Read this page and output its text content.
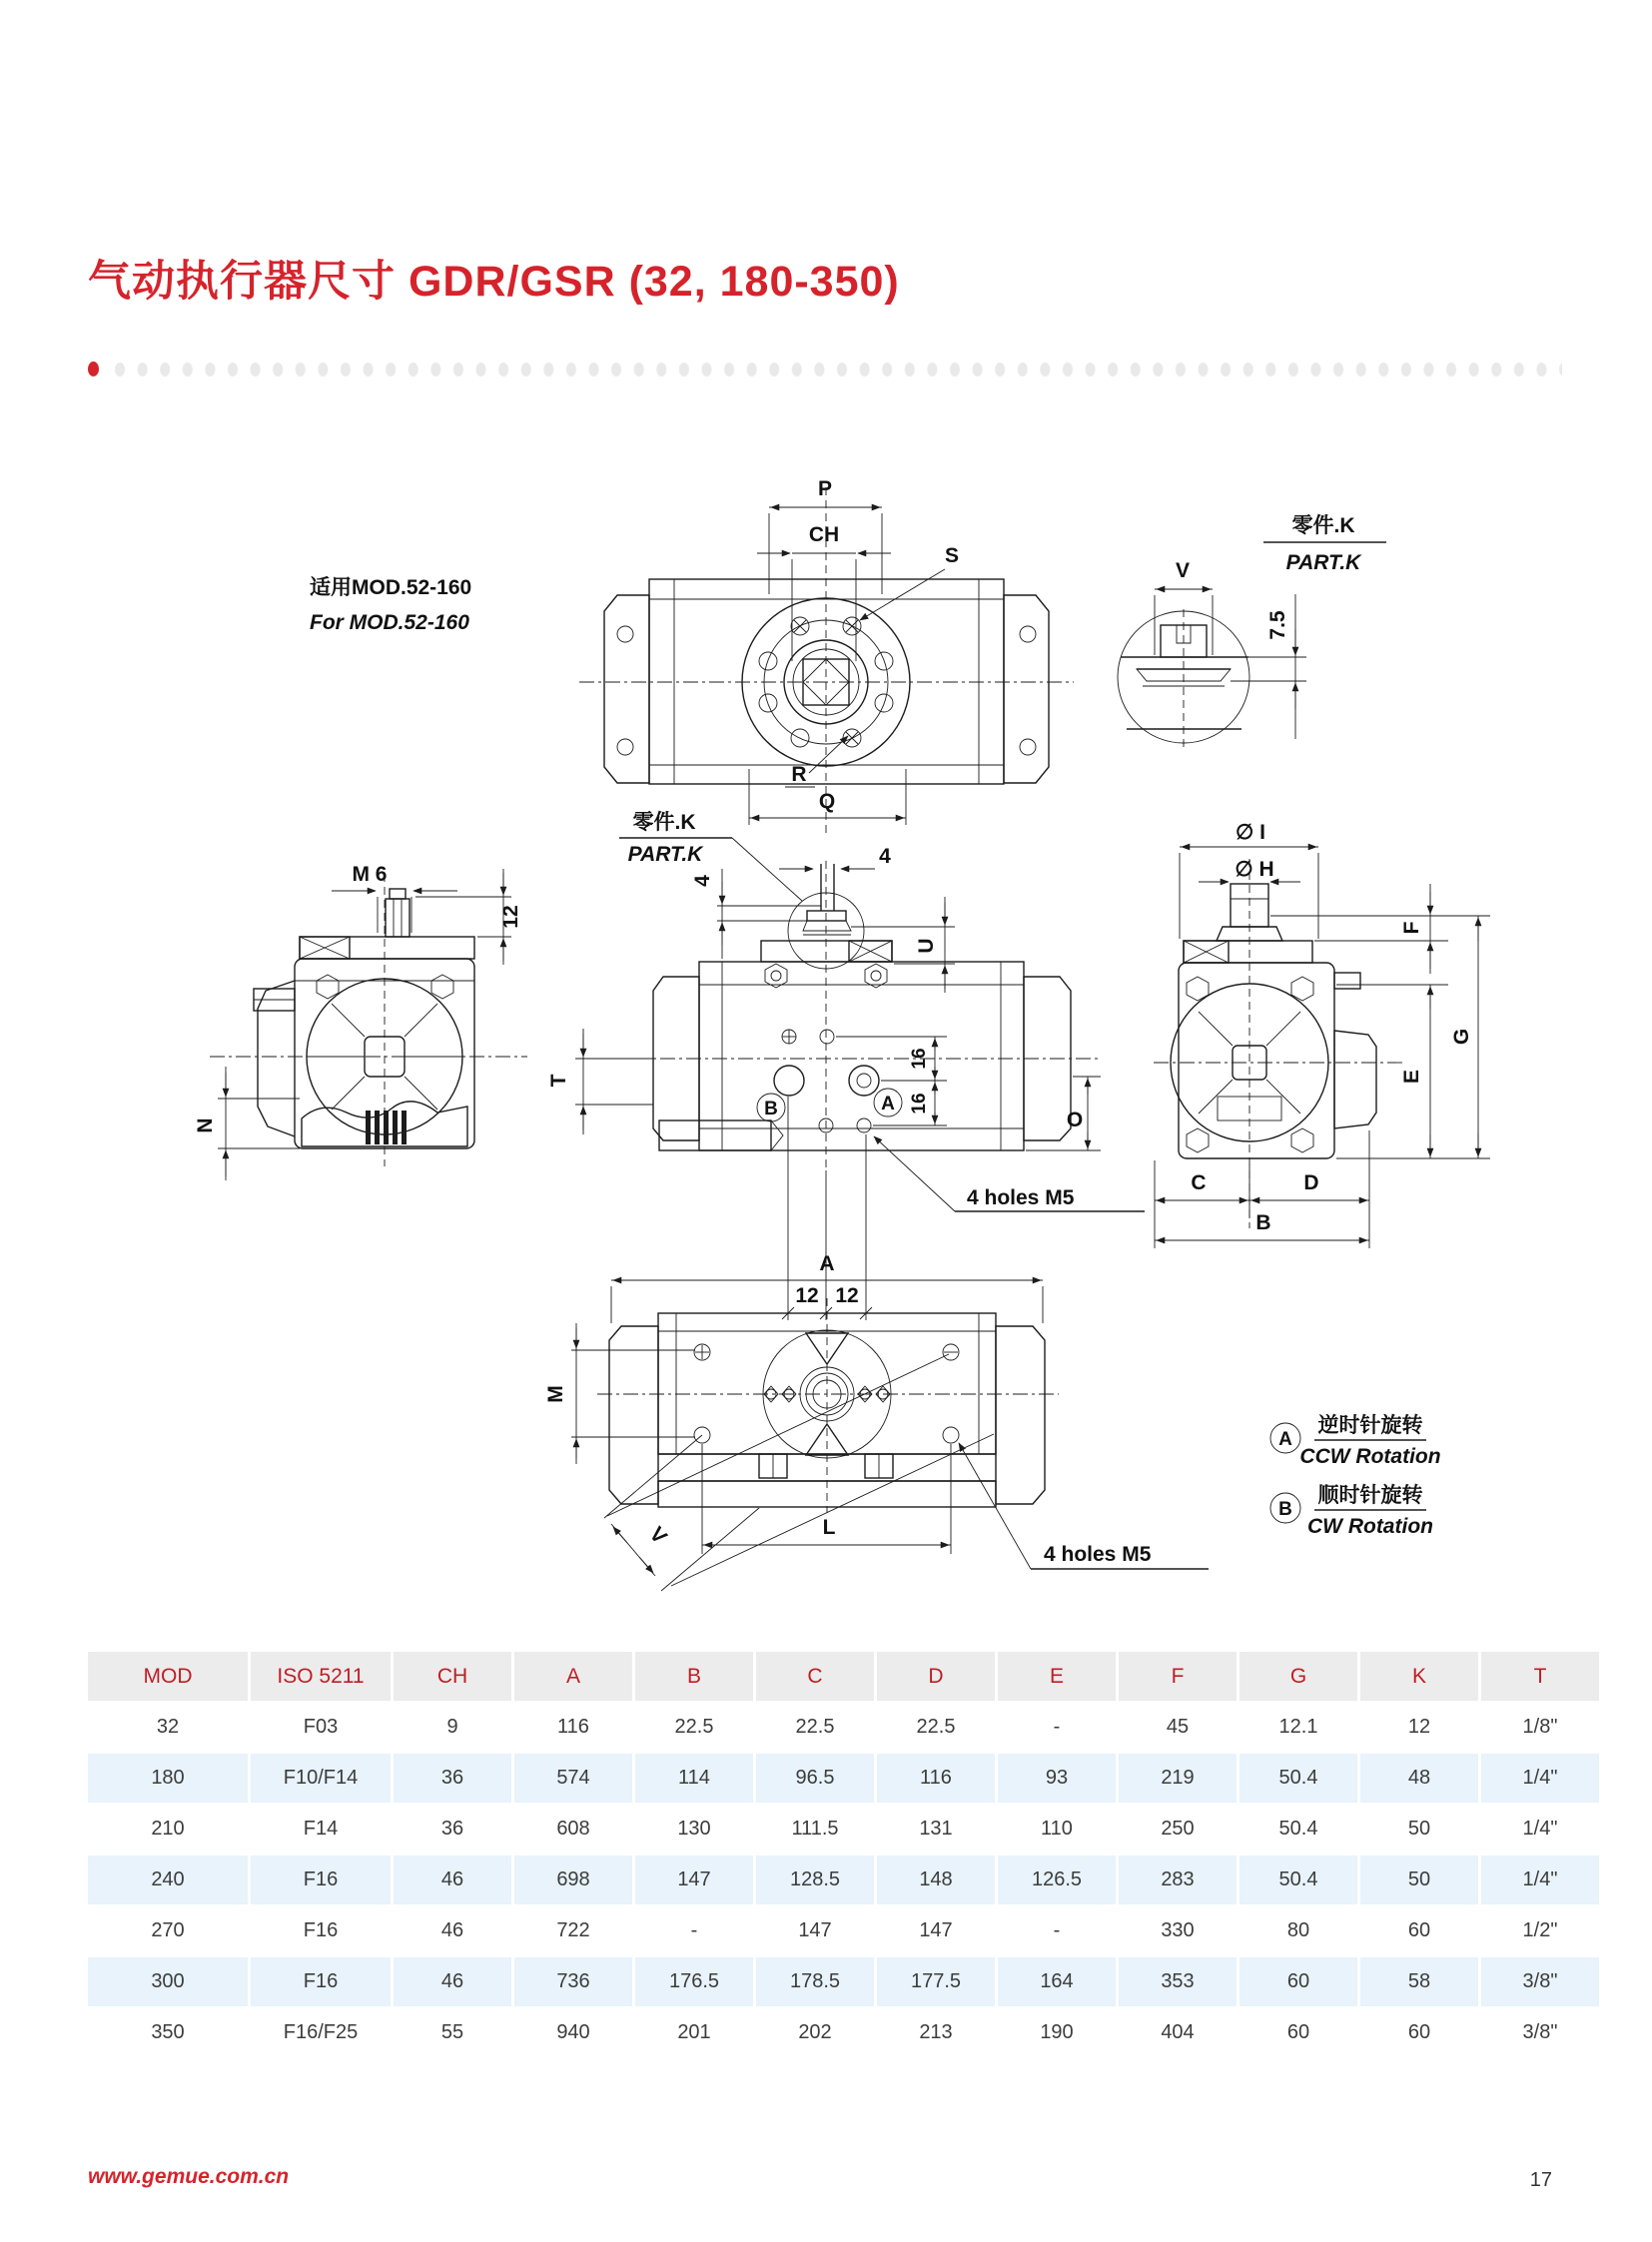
气动执行器尺寸 GDR/GSR (32, 180-350)
适用MOD.52-160
For MOD.52-160
P
CH
S
R
Q
零件.K
PART.K
V
7.5
M 6
12
N
零件.K
PART.K	4
4
B	A
U
T
16
16
O
12 12
4 holes M5
∅ I
∅ H
F
G
E
C	D
B
A
M
V	L
4 holes M5
A
逆时针旋转
CCW Rotation
B
顺时针旋转
CW Rotation
MOD	ISO 5211	CH	A	B	C	D	E	F	G	K	T
32	F03	9	116	22.5	22.5	22.5	-	45	12.1	12	1/8"
180	F10/F14	36	574	114	96.5	116	93	219	50.4	48	1/4"
210	F14	36	608	130	111.5	131	110	250	50.4	50	1/4"
240	F16	46	698	147	128.5	148	126.5	283	50.4	50	1/4"
270	F16	46	722	-	147	147	-	330	80	60	1/2"
300	F16	46	736	176.5	178.5	177.5	164	353	60	58	3/8"
350	F16/F25	55	940	201	202	213	190	404	60	60	3/8"
www.gemue.com.cn	17
